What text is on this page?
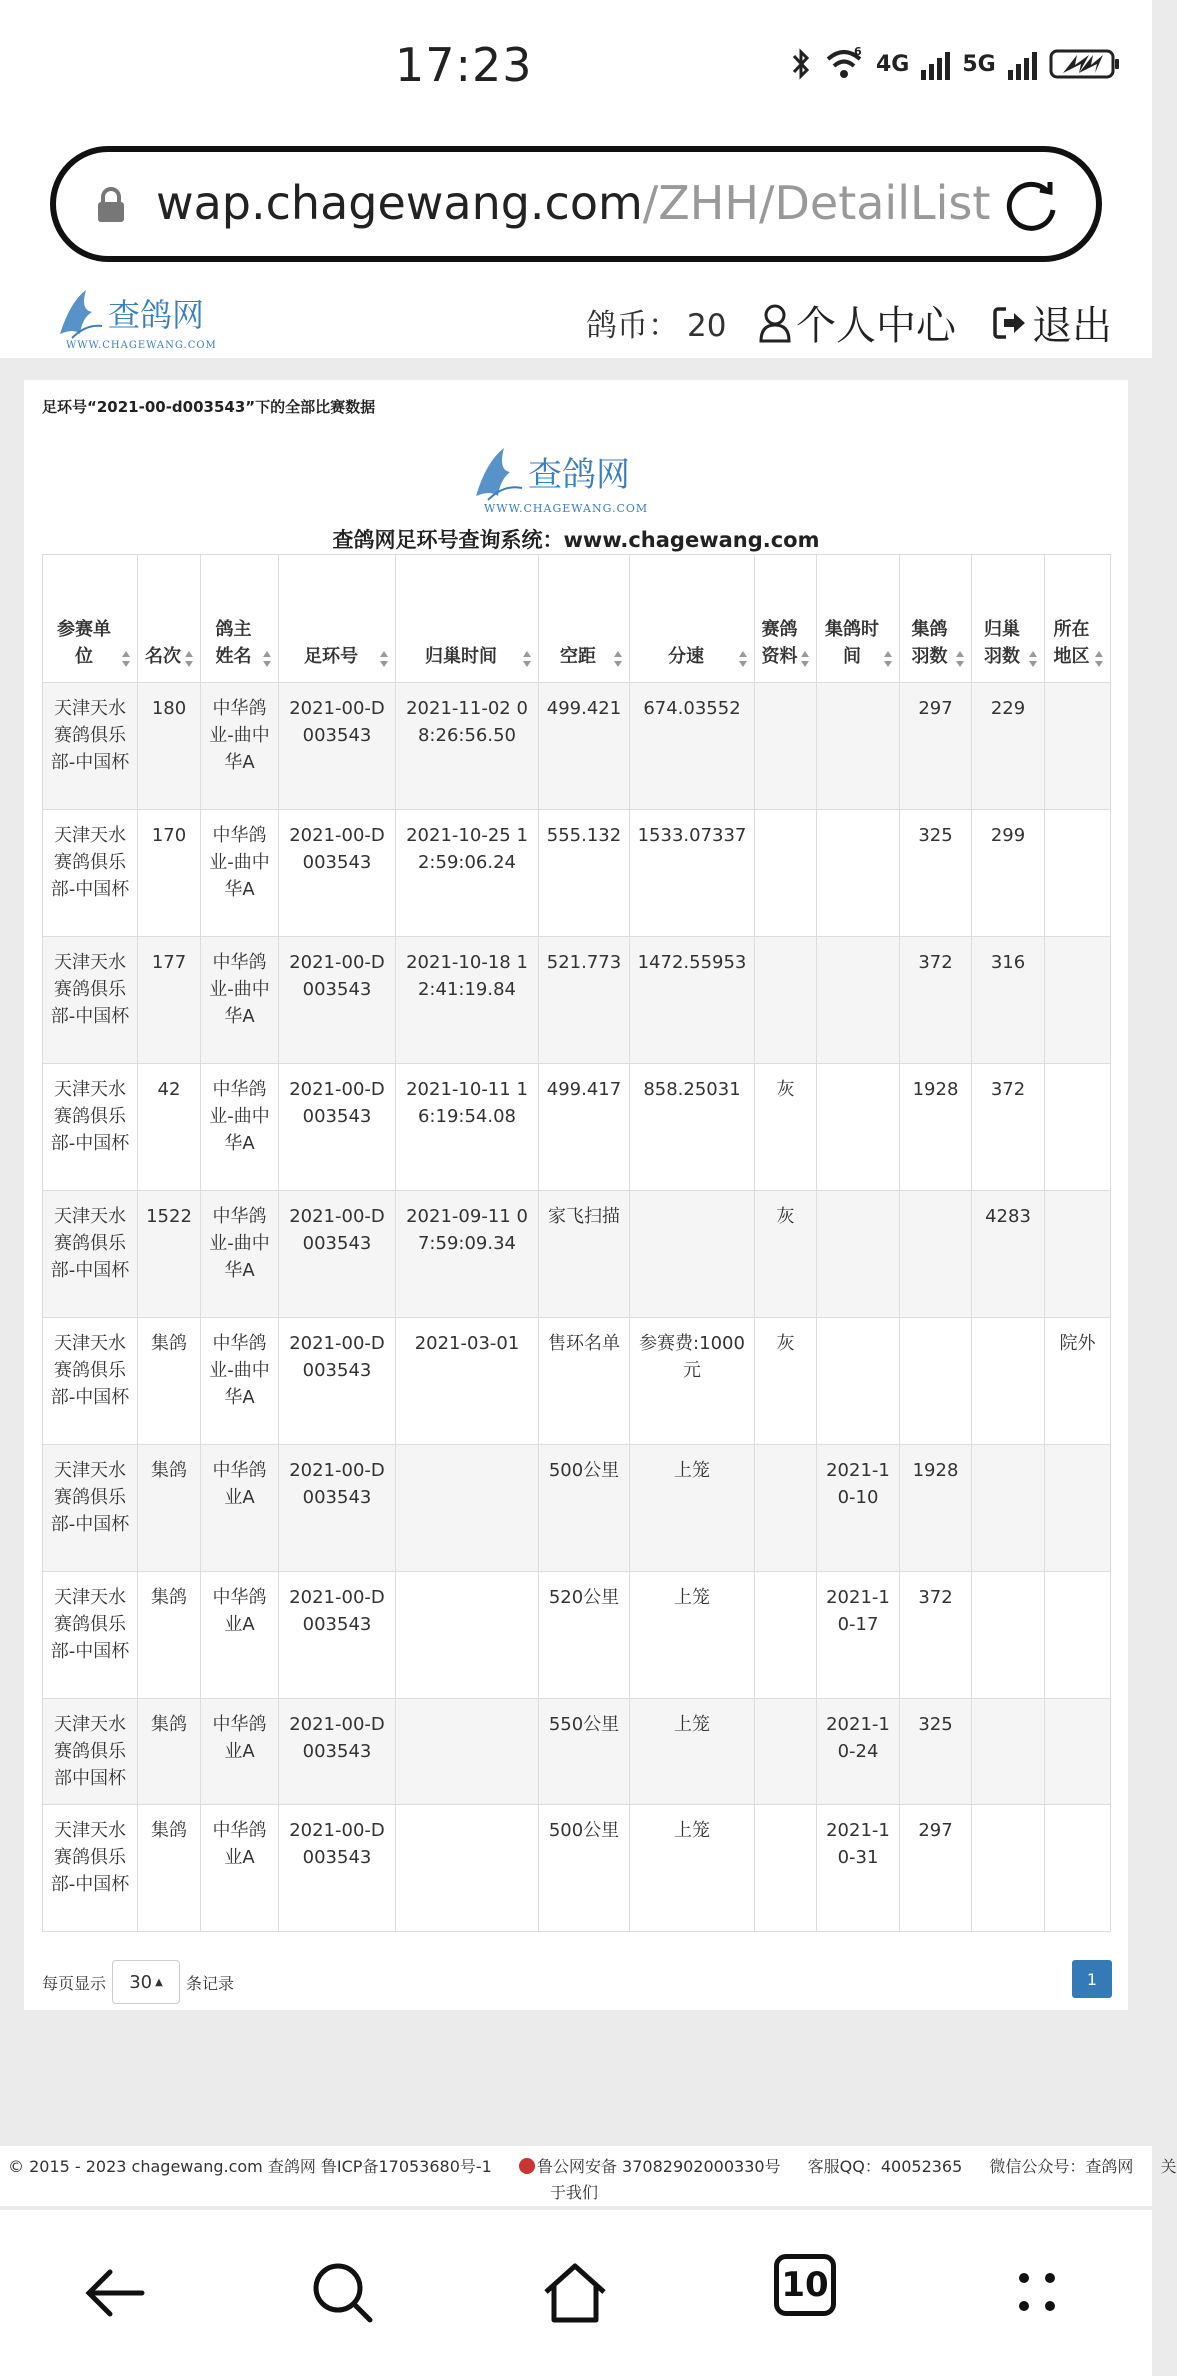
17:23	6 4G 5G
wap.chagewang.com/ZHH/DetailList
查鸽网
WWW.CHAGEWANG.COM
鸽币： 20 个人中心 退出
足环号“2021-00-d003543”下的全部比赛数据
查鸽网
WWW.CHAGEWANG.COM
查鸽网足环号查询系统：www.chagewang.com
参赛单位	名次	鸽主姓名	足环号	归巢时间	空距	分速	赛鸽资料	集鸽时间	集鸽羽数	归巢羽数	所在地区

天津天水赛鸽俱乐部-中国杯	180	中华鸽业-曲中华A	2021-00-D003543	2021-11-02 08:26:56.50	499.421	674.03552			297	229	
天津天水赛鸽俱乐部-中国杯	170	中华鸽业-曲中华A	2021-00-D003543	2021-10-25 12:59:06.24	555.132	1533.07337			325	299	
天津天水赛鸽俱乐部-中国杯	177	中华鸽业-曲中华A	2021-00-D003543	2021-10-18 12:41:19.84	521.773	1472.55953			372	316	
天津天水赛鸽俱乐部-中国杯	42	中华鸽业-曲中华A	2021-00-D003543	2021-10-11 16:19:54.08	499.417	858.25031	灰		1928	372	
天津天水赛鸽俱乐部-中国杯	1522	中华鸽业-曲中华A	2021-00-D003543	2021-09-11 07:59:09.34	家飞扫描		灰			4283	
天津天水赛鸽俱乐部-中国杯	集鸽	中华鸽业-曲中华A	2021-00-D003543	2021-03-01	售环名单	参赛费:1000元	灰				院外
天津天水赛鸽俱乐部-中国杯	集鸽	中华鸽业A	2021-00-D003543		500公里	上笼		2021-10-10	1928		
天津天水赛鸽俱乐部-中国杯	集鸽	中华鸽业A	2021-00-D003543		520公里	上笼		2021-10-17	372		
天津天水赛鸽俱乐部中国杯	集鸽	中华鸽业A	2021-00-D003543		550公里	上笼		2021-10-24	325		
天津天水赛鸽俱乐部-中国杯	集鸽	中华鸽业A	2021-00-D003543		500公里	上笼		2021-10-31	297		
每页显示 30 ▲ 条记录	1
© 2015 - 2023 chagewang.com 查鸽网 鲁ICP备17053680号-1	鲁公网安备 37082902000330号 客服QQ：40052365 微信公众号：查鸽网 关
于我们
10
